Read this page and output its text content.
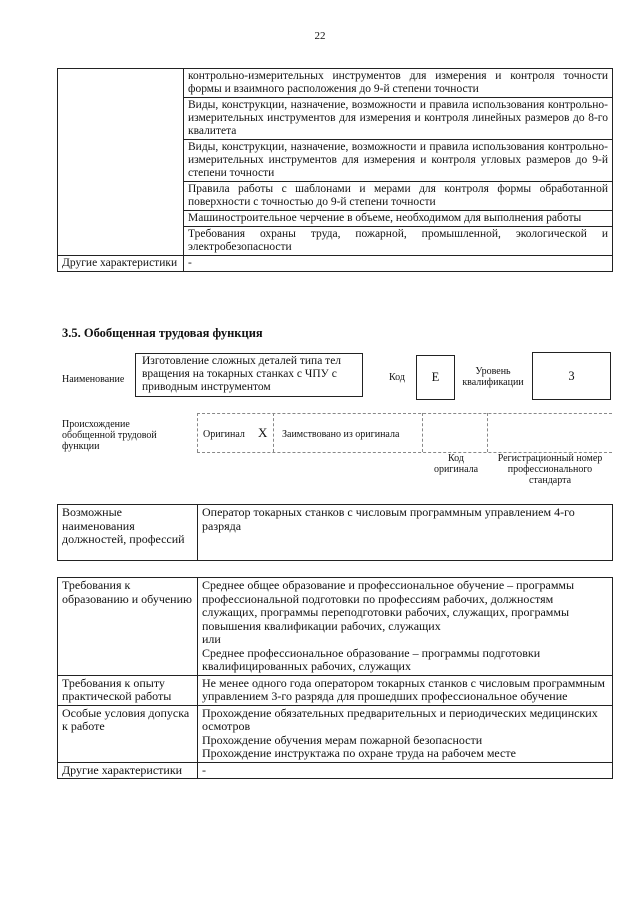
22
	контрольно-измерительных инструментов для измерения и контроля точности формы и взаимного расположения до 9-й степени точности
	Виды, конструкции, назначение, возможности и правила использования контрольно-измерительных инструментов для измерения и контроля линейных размеров до 8-го квалитета
	Виды, конструкции, назначение, возможности и правила использования контрольно-измерительных инструментов для измерения и контроля угловых размеров до 9-й степени точности
	Правила работы с шаблонами и мерами для контроля формы обработанной поверхности с точностью до 9-й степени точности
	Машиностроительное черчение в объеме, необходимом для выполнения работы
	Требования охраны труда, пожарной, промышленной, экологической и электробезопасности
Другие характеристики	-
3.5. Обобщенная трудовая функция
Наименование
Изготовление сложных деталей типа тел вращения на токарных станках с ЧПУ с приводным инструментом
Код	E	Уровень квалификации	3
Происхождение обобщенной трудовой функции
Оригинал X Заимствовано из оригинала
Код оригинала
Регистрационный номер профессионального стандарта
Возможные наименования должностей, профессий	Оператор токарных станков с числовым программным управлением 4-го разряда
Требования к образованию и обучению	Среднее общее образование и профессиональное обучение – программы профессиональной подготовки по профессиям рабочих, должностям служащих, программы переподготовки рабочих, служащих, программы повышения квалификации рабочих, служащих
или
Среднее профессиональное образование – программы подготовки квалифицированных рабочих, служащих
Требования к опыту практической работы	Не менее одного года оператором токарных станков с числовым программным управлением 3-го разряда для прошедших профессиональное обучение
Особые условия допуска к работе	Прохождение обязательных предварительных и периодических медицинских осмотров
Прохождение обучения мерам пожарной безопасности
Прохождение инструктажа по охране труда на рабочем месте
Другие характеристики	-
